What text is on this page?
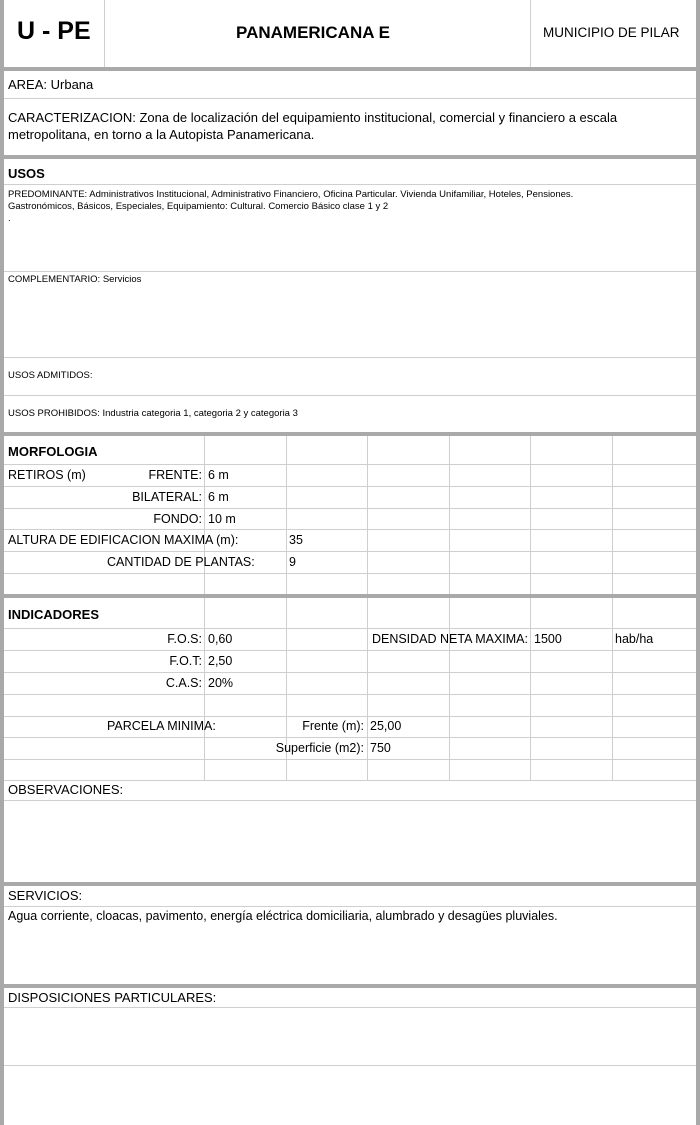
U - PE	PANAMERICANA E	MUNICIPIO DE PILAR
AREA: Urbana
CARACTERIZACION: Zona de localización del equipamiento institucional, comercial y financiero a escala
metropolitana, en torno a la Autopista Panamericana.
USOS
PREDOMINANTE: Administrativos Institucional, Administrativo Financiero, Oficina Particular. Vivienda Unifamiliar, Hoteles, Pensiones.
Gastronómicos, Básicos, Especiales, Equipamiento: Cultural. Comercio Básico clase 1 y 2
.
COMPLEMENTARIO: Servicios
USOS ADMITIDOS:
USOS PROHIBIDOS: Industria categoria 1, categoria 2 y categoria 3
MORFOLOGIA
RETIROS (m)	FRENTE: 6 m
BILATERAL: 6 m
FONDO: 10 m
ALTURA DE EDIFICACION MAXIMA (m):	35
CANTIDAD DE PLANTAS:	9
INDICADORES
F.O.S: 0,60	DENSIDAD NETA MAXIMA: 1500	hab/ha
F.O.T: 2,50
C.A.S: 20%
PARCELA MINIMA:	Frente (m): 25,00
Superficie (m2): 750
OBSERVACIONES:
SERVICIOS:
Agua corriente, cloacas, pavimento, energía eléctrica domiciliaria, alumbrado y desagües pluviales.
DISPOSICIONES PARTICULARES:
